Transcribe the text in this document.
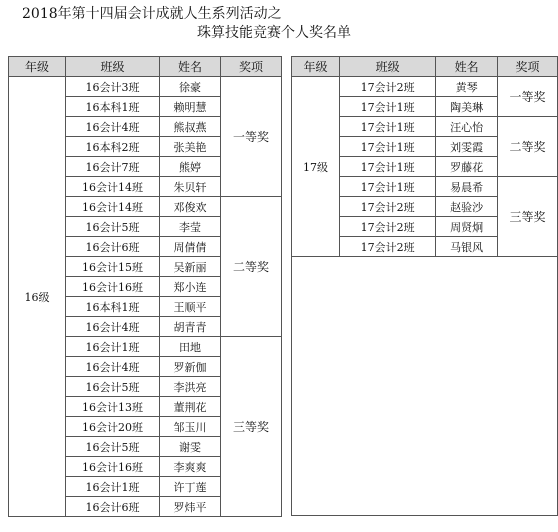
2018年第十四届会计成就人生系列活动之
珠算技能竞赛个人奖名单
年级	班级	姓名	奖项
16级	16会计3班	徐豪	一等奖
	16本科1班	赖明慧	
	16会计4班	熊叔燕	
	16本科2班	张美艳	
	16会计7班	熊婷	
	16会计14班	朱贝轩	
	16会计14班	邓俊欢	二等奖
	16会计5班	李莹	
	16会计6班	周倩倩	
	16会计15班	吴新丽	
	16会计16班	郑小连	
	16本科1班	王顺平	
	16会计4班	胡青青	
	16会计1班	田地	三等奖
	16会计4班	罗新伽	
	16会计5班	李洪亮	
	16会计13班	董荆花	
	16会计20班	邹玉川	
	16会计5班	谢雯	
	16会计16班	李爽爽	
	16会计1班	许丁莲	
	16会计6班	罗炜平	
年级	班级	姓名	奖项
17级	17会计2班	黄琴	一等奖
	17会计1班	陶美琳	
	17会计1班	汪心怡	二等奖
	17会计1班	刘雯霞	
	17会计1班	罗藤花	
	17会计1班	易晨希	三等奖
	17会计2班	赵验沙	
	17会计2班	周贤炯	
	17会计2班	马银风	
